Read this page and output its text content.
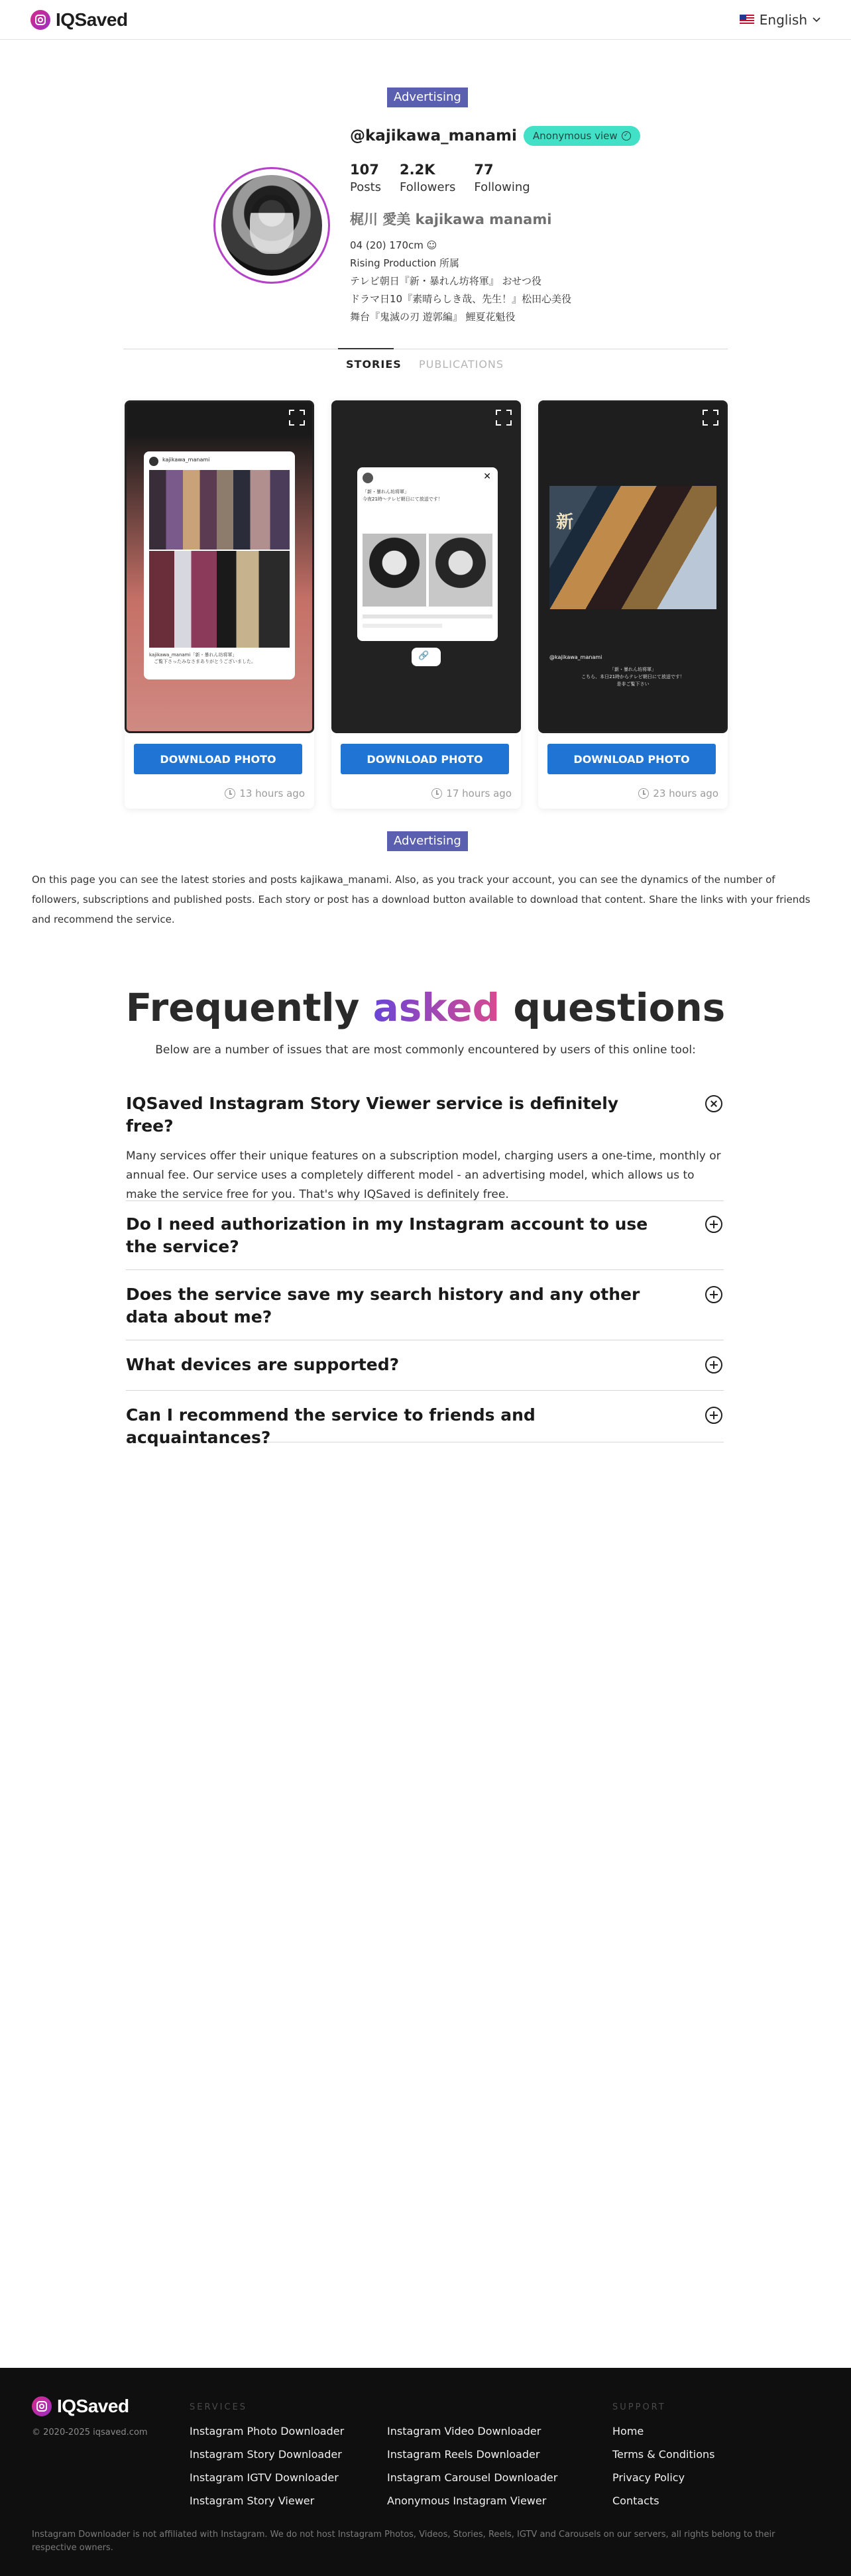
IQSaved	English
Advertising
@kajikawa_manami Anonymous view	✓
107
Posts
2.2K
Followers
77
Following
梶川 愛美 kajikawa manami
04 (20) 170cm ☺
Rising Production 所属
テレビ朝日『新・暴れん坊将軍』 おせつ役
ドラマ日10『素晴らしき哉、先生！』松田心美役
舞台『鬼滅の刃 遊郭編』 鯉夏花魁役
STORIES PUBLICATIONS
kajikawa_manami
kajikawa_manami「新・暴れん坊将軍」
　ご覧下さったみなさまありがとうございました。
DOWNLOAD PHOTO
13 hours ago
✕
「新・暴れん坊将軍」
今夜21時〜テレビ朝日にて放送です！
🔗
DOWNLOAD PHOTO
17 hours ago
新
@kajikawa_manami
「新・暴れん坊将軍」
こちら、本日21時からテレビ朝日にて放送です！
是非ご覧下さい
DOWNLOAD PHOTO
23 hours ago
Advertising
On this page you can see the latest stories and posts kajikawa_manami. Also, as you track your account, you can see the dynamics of the number of followers, subscriptions and published posts. Each story or post has a download button available to download that content. Share the links with your friends and recommend the service.
Frequently asked questions
Below are a number of issues that are most commonly encountered by users of this online tool:
IQSaved Instagram Story Viewer service is definitely free?
Many services offer their unique features on a subscription model, charging users a one-time, monthly or annual fee. Our service uses a completely different model - an advertising model, which allows us to make the service free for you. That's why IQSaved is definitely free.
Do I need authorization in my Instagram account to use the service?
Does the service save my search history and any other data about me?
What devices are supported?
Can I recommend the service to friends and acquaintances?
IQSaved
© 2020-2025 iqsaved.com
SERVICES
Instagram Photo Downloader
Instagram Story Downloader
Instagram IGTV Downloader
Instagram Story Viewer
Instagram Video Downloader
Instagram Reels Downloader
Instagram Carousel Downloader
Anonymous Instagram Viewer
SUPPORT
Home
Terms & Conditions
Privacy Policy
Contacts
Instagram Downloader is not affiliated with Instagram. We do not host Instagram Photos, Videos, Stories, Reels, IGTV and Carousels on our servers, all rights belong to their respective owners.
